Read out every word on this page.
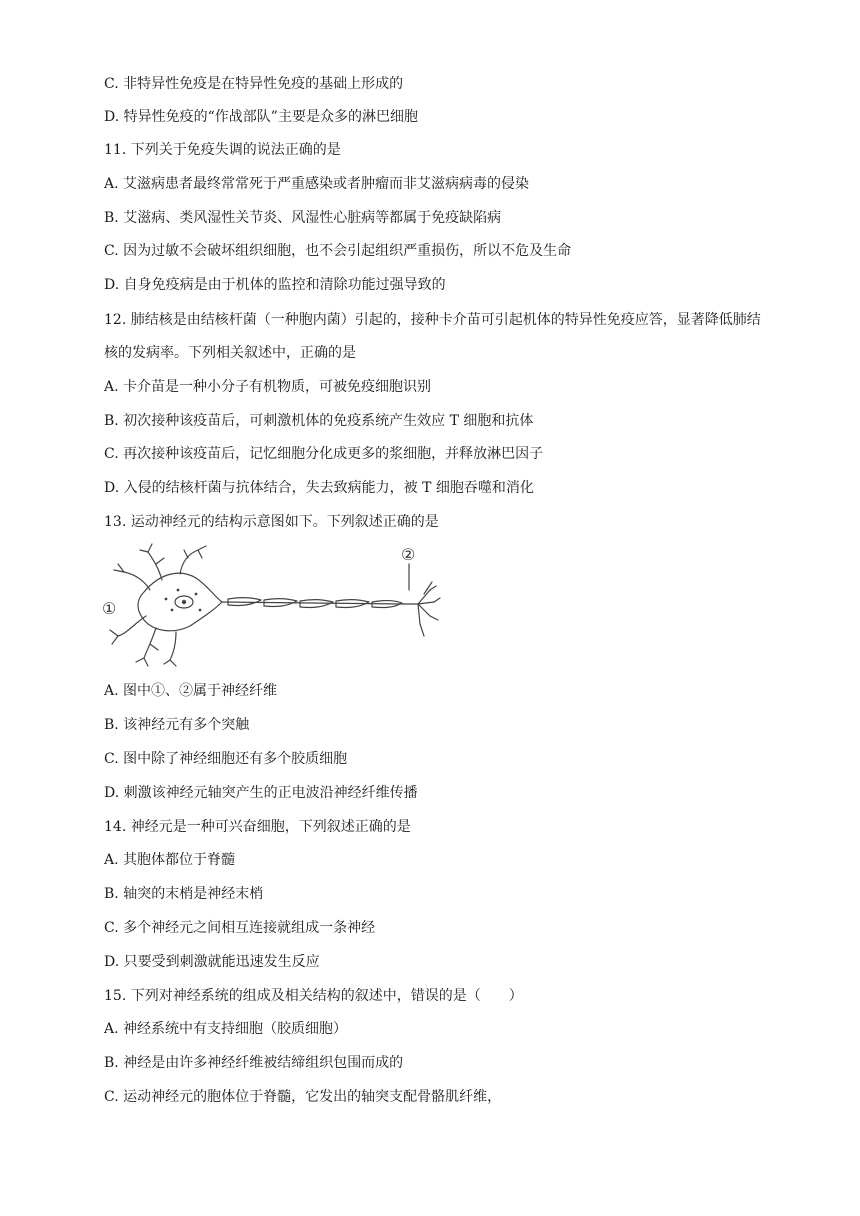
C. 非特异性免疫是在特异性免疫的基础上形成的
D. 特异性免疫的“作战部队”主要是众多的淋巴细胞
11. 下列关于免疫失调的说法正确的是
A. 艾滋病患者最终常常死于严重感染或者肿瘤而非艾滋病病毒的侵染
B. 艾滋病、类风湿性关节炎、风湿性心脏病等都属于免疫缺陷病
C. 因为过敏不会破坏组织细胞，也不会引起组织严重损伤，所以不危及生命
D. 自身免疫病是由于机体的监控和清除功能过强导致的
12. 肺结核是由结核杆菌（一种胞内菌）引起的，接种卡介苗可引起机体的特异性免疫应答，显著降低肺结
核的发病率。下列相关叙述中，正确的是
A. 卡介苗是一种小分子有机物质，可被免疫细胞识别
B. 初次接种该疫苗后，可刺激机体的免疫系统产生效应 T 细胞和抗体
C. 再次接种该疫苗后，记忆细胞分化成更多的浆细胞，并释放淋巴因子
D. 入侵的结核杆菌与抗体结合，失去致病能力，被 T 细胞吞噬和消化
13. 运动神经元的结构示意图如下。下列叙述正确的是
①
②
A. 图中①、②属于神经纤维
B. 该神经元有多个突触
C. 图中除了神经细胞还有多个胶质细胞
D. 刺激该神经元轴突产生的正电波沿神经纤维传播
14. 神经元是一种可兴奋细胞，下列叙述正确的是
A. 其胞体都位于脊髓
B. 轴突的末梢是神经末梢
C. 多个神经元之间相互连接就组成一条神经
D. 只要受到刺激就能迅速发生反应
15. 下列对神经系统的组成及相关结构的叙述中，错误的是（　　）
A. 神经系统中有支持细胞（胶质细胞）
B. 神经是由许多神经纤维被结缔组织包围而成的
C. 运动神经元的胞体位于脊髓，它发出的轴突支配骨骼肌纤维，
